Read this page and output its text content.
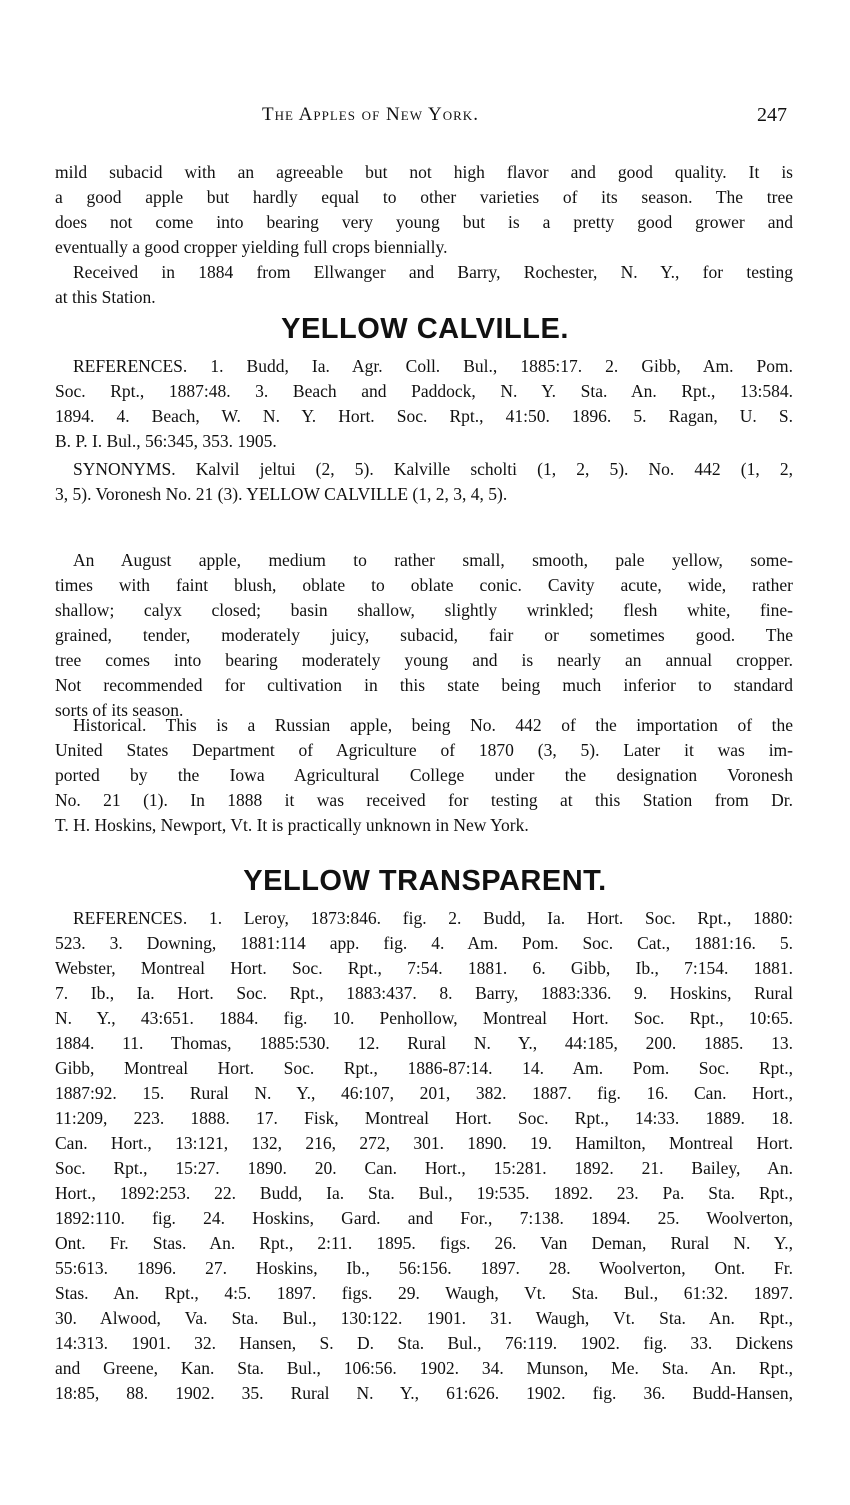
The Apples of New York.	247
mild subacid with an agreeable but not high flavor and good quality. It is
a good apple but hardly equal to other varieties of its season. The tree
does not come into bearing very young but is a pretty good grower and
eventually a good cropper yielding full crops biennially.
Received in 1884 from Ellwanger and Barry, Rochester, N. Y., for testing
at this Station.
YELLOW CALVILLE.
REFERENCES. 1. Budd, Ia. Agr. Coll. Bul., 1885:17. 2. Gibb, Am. Pom.
Soc. Rpt., 1887:48. 3. Beach and Paddock, N. Y. Sta. An. Rpt., 13:584.
1894. 4. Beach, W. N. Y. Hort. Soc. Rpt., 41:50. 1896. 5. Ragan, U. S.
B. P. I. Bul., 56:345, 353. 1905.
SYNONYMS. Kalvil jeltui (2, 5). Kalville scholti (1, 2, 5). No. 442 (1, 2,
3, 5). Voronesh No. 21 (3). YELLOW CALVILLE (1, 2, 3, 4, 5).
An August apple, medium to rather small, smooth, pale yellow, some-
times with faint blush, oblate to oblate conic. Cavity acute, wide, rather
shallow; calyx closed; basin shallow, slightly wrinkled; flesh white, fine-
grained, tender, moderately juicy, subacid, fair or sometimes good. The
tree comes into bearing moderately young and is nearly an annual cropper.
Not recommended for cultivation in this state being much inferior to standard
sorts of its season.
Historical. This is a Russian apple, being No. 442 of the importation of the
United States Department of Agriculture of 1870 (3, 5). Later it was im-
ported by the Iowa Agricultural College under the designation Voronesh
No. 21 (1). In 1888 it was received for testing at this Station from Dr.
T. H. Hoskins, Newport, Vt. It is practically unknown in New York.
YELLOW TRANSPARENT.
REFERENCES. 1. Leroy, 1873:846. fig. 2. Budd, Ia. Hort. Soc. Rpt., 1880:
523. 3. Downing, 1881:114 app. fig. 4. Am. Pom. Soc. Cat., 1881:16. 5.
Webster, Montreal Hort. Soc. Rpt., 7:54. 1881. 6. Gibb, Ib., 7:154. 1881.
7. Ib., Ia. Hort. Soc. Rpt., 1883:437. 8. Barry, 1883:336. 9. Hoskins, Rural
N. Y., 43:651. 1884. fig. 10. Penhollow, Montreal Hort. Soc. Rpt., 10:65.
1884. 11. Thomas, 1885:530. 12. Rural N. Y., 44:185, 200. 1885. 13.
Gibb, Montreal Hort. Soc. Rpt., 1886-87:14. 14. Am. Pom. Soc. Rpt.,
1887:92. 15. Rural N. Y., 46:107, 201, 382. 1887. fig. 16. Can. Hort.,
11:209, 223. 1888. 17. Fisk, Montreal Hort. Soc. Rpt., 14:33. 1889. 18.
Can. Hort., 13:121, 132, 216, 272, 301. 1890. 19. Hamilton, Montreal Hort.
Soc. Rpt., 15:27. 1890. 20. Can. Hort., 15:281. 1892. 21. Bailey, An.
Hort., 1892:253. 22. Budd, Ia. Sta. Bul., 19:535. 1892. 23. Pa. Sta. Rpt.,
1892:110. fig. 24. Hoskins, Gard. and For., 7:138. 1894. 25. Woolverton,
Ont. Fr. Stas. An. Rpt., 2:11. 1895. figs. 26. Van Deman, Rural N. Y.,
55:613. 1896. 27. Hoskins, Ib., 56:156. 1897. 28. Woolverton, Ont. Fr.
Stas. An. Rpt., 4:5. 1897. figs. 29. Waugh, Vt. Sta. Bul., 61:32. 1897.
30. Alwood, Va. Sta. Bul., 130:122. 1901. 31. Waugh, Vt. Sta. An. Rpt.,
14:313. 1901. 32. Hansen, S. D. Sta. Bul., 76:119. 1902. fig. 33. Dickens
and Greene, Kan. Sta. Bul., 106:56. 1902. 34. Munson, Me. Sta. An. Rpt.,
18:85, 88. 1902. 35. Rural N. Y., 61:626. 1902. fig. 36. Budd-Hansen,
